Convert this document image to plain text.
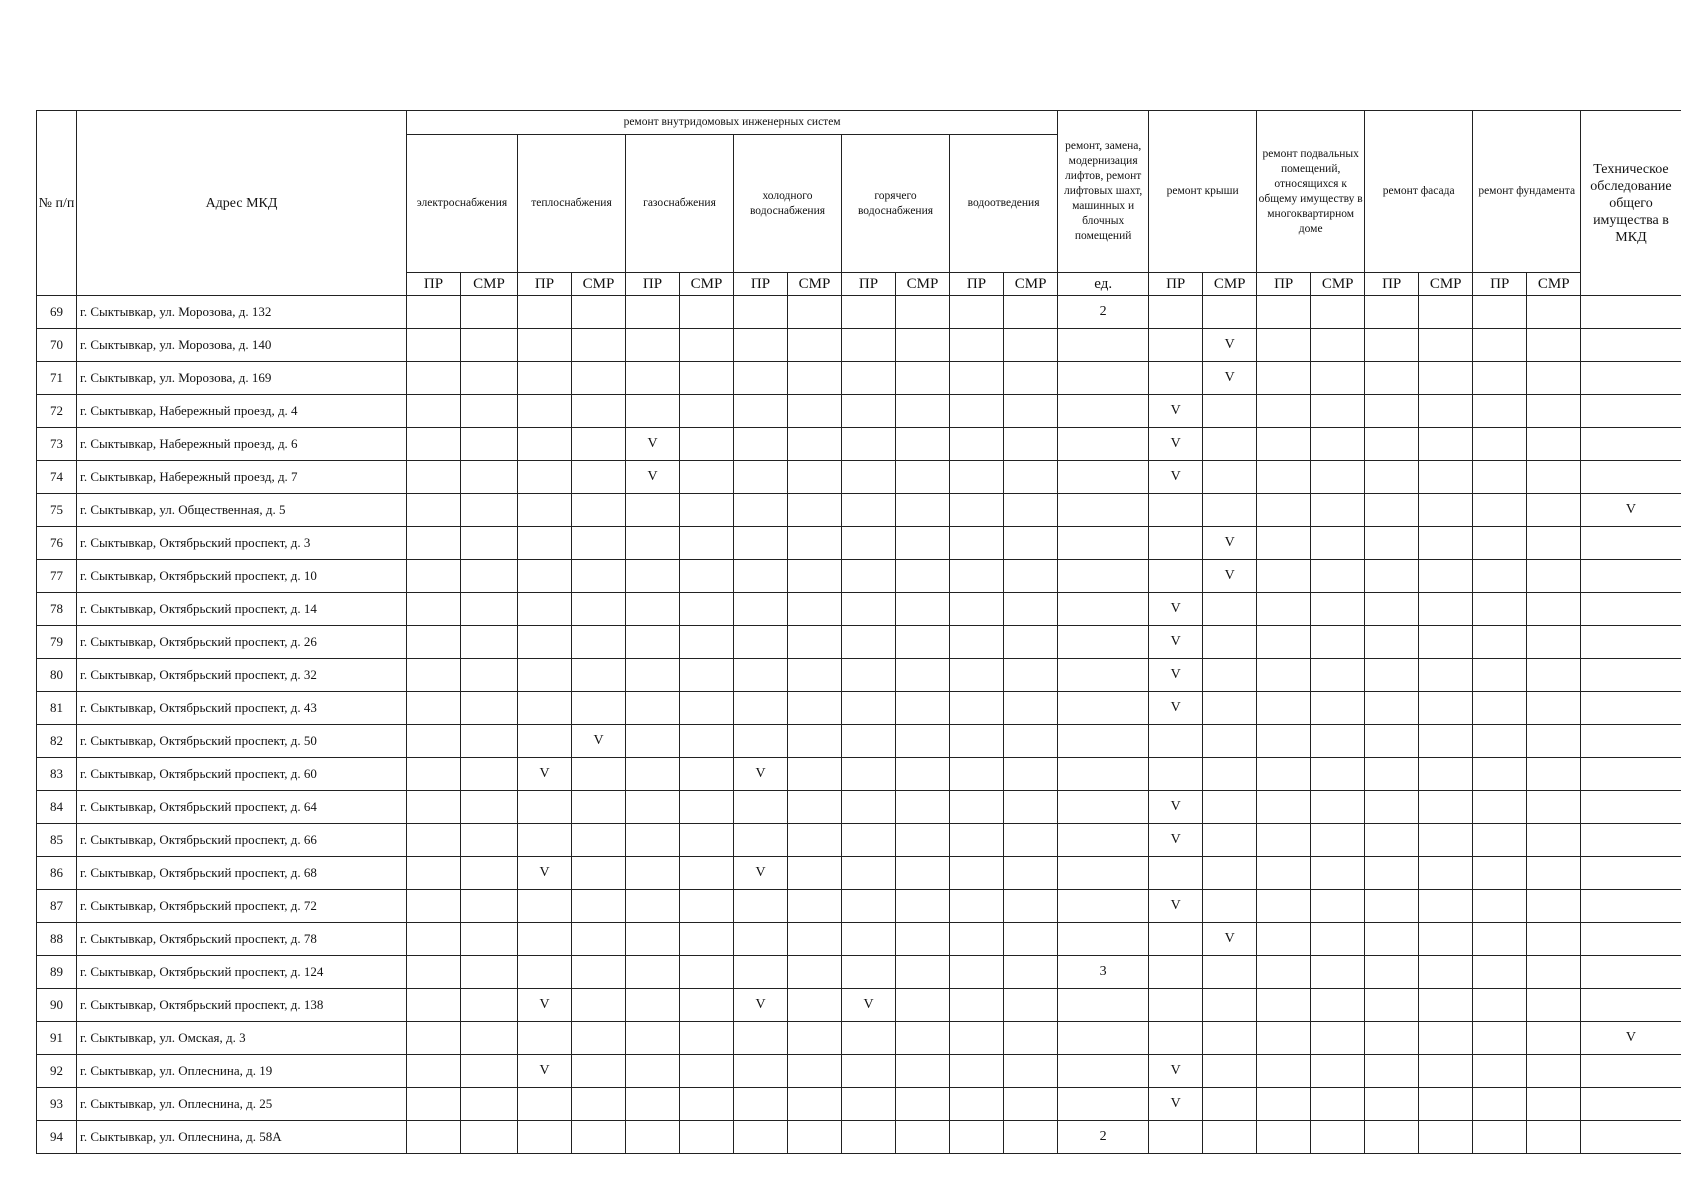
№ п/п	Адрес МКД	ремонт внутридомовых инженерных систем												ремонт, замена, модернизация лифтов, ремонт лифтовых шахт, машинных и блочных помещений	ремонт крыши		ремонт подвальных помещений, относящихся к общему имуществу в многоквартирном доме		ремонт фасада		ремонт фундамента		Техническое обследование общего имущества в МКД
		электроснабжения		теплоснабжения		газоснабжения		холодного водоснабжения		горячего водоснабжения		водоотведения											
		ПР	СМР	ПР	СМР	ПР	СМР	ПР	СМР	ПР	СМР	ПР	СМР	ед.	ПР	СМР	ПР	СМР	ПР	СМР	ПР	СМР	
69	г. Сыктывкар, ул. Морозова, д. 132													2									
70	г. Сыктывкар, ул. Морозова, д. 140															V							
71	г. Сыктывкар, ул. Морозова, д. 169															V							
72	г. Сыктывкар, Набережный проезд, д. 4														V								
73	г. Сыктывкар, Набережный проезд, д. 6					V									V								
74	г. Сыктывкар, Набережный проезд, д. 7					V									V								
75	г. Сыктывкар, ул. Общественная, д. 5																						V
76	г. Сыктывкар, Октябрьский проспект, д. 3															V							
77	г. Сыктывкар, Октябрьский проспект, д. 10															V							
78	г. Сыктывкар, Октябрьский проспект, д. 14														V								
79	г. Сыктывкар, Октябрьский проспект, д. 26														V								
80	г. Сыктывкар, Октябрьский проспект, д. 32														V								
81	г. Сыктывкар, Октябрьский проспект, д. 43														V								
82	г. Сыктывкар, Октябрьский проспект, д. 50				V																		
83	г. Сыктывкар, Октябрьский проспект, д. 60			V				V															
84	г. Сыктывкар, Октябрьский проспект, д. 64														V								
85	г. Сыктывкар, Октябрьский проспект, д. 66														V								
86	г. Сыктывкар, Октябрьский проспект, д. 68			V				V															
87	г. Сыктывкар, Октябрьский проспект, д. 72														V								
88	г. Сыктывкар, Октябрьский проспект, д. 78															V							
89	г. Сыктывкар, Октябрьский проспект, д. 124													3									
90	г. Сыктывкар, Октябрьский проспект, д. 138			V				V		V													
91	г. Сыктывкар, ул. Омская, д. 3																						V
92	г. Сыктывкар, ул. Оплеснина, д. 19			V											V								
93	г. Сыктывкар, ул. Оплеснина, д. 25														V								
94	г. Сыктывкар, ул. Оплеснина, д. 58А													2									
